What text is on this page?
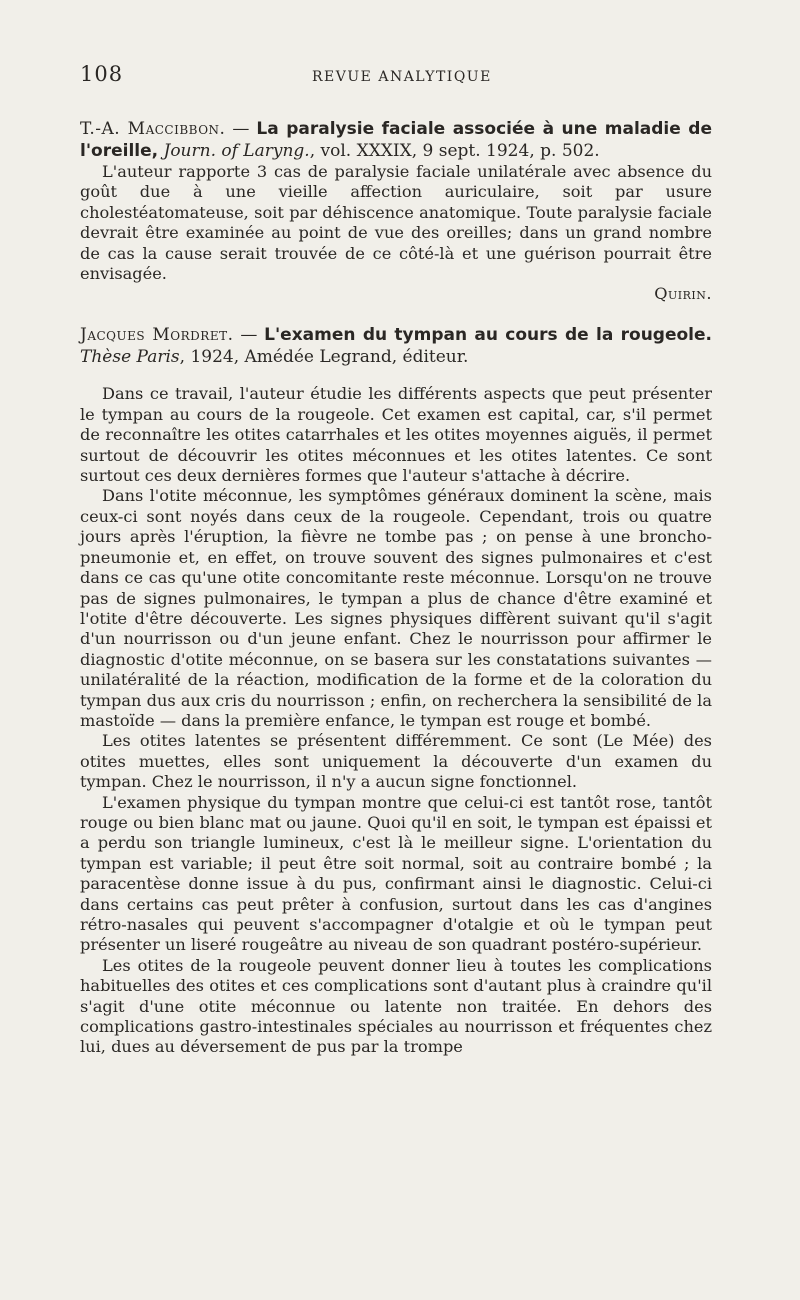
108	REVUE ANALYTIQUE

T.-A. Maccibbon. — La paralysie faciale associée à une maladie de l'oreille, Journ. of Laryng., vol. XXXIX, 9 sept. 1924, p. 502.

L'auteur rapporte 3 cas de paralysie faciale unilatérale avec absence du goût due à une vieille affection auriculaire, soit par usure cholestéatomateuse, soit par déhiscence anatomique. Toute paralysie faciale devrait être examinée au point de vue des oreilles; dans un grand nombre de cas la cause serait trouvée de ce côté-là et une guérison pourrait être envisagée.

Quirin.

Jacques Mordret. — L'examen du tympan au cours de la rougeole. Thèse Paris, 1924, Amédée Legrand, éditeur.

Dans ce travail, l'auteur étudie les différents aspects que peut présenter le tympan au cours de la rougeole. Cet examen est capital, car, s'il permet de reconnaître les otites catarrhales et les otites moyennes aiguës, il permet surtout de découvrir les otites méconnues et les otites latentes. Ce sont surtout ces deux dernières formes que l'auteur s'attache à décrire.

Dans l'otite méconnue, les symptômes généraux dominent la scène, mais ceux-ci sont noyés dans ceux de la rougeole. Cependant, trois ou quatre jours après l'éruption, la fièvre ne tombe pas ; on pense à une broncho-pneumonie et, en effet, on trouve souvent des signes pulmonaires et c'est dans ce cas qu'une otite concomitante reste méconnue. Lorsqu'on ne trouve pas de signes pulmonaires, le tympan a plus de chance d'être examiné et l'otite d'être découverte. Les signes physiques diffèrent suivant qu'il s'agit d'un nourrisson ou d'un jeune enfant. Chez le nourrisson pour affirmer le diagnostic d'otite méconnue, on se basera sur les constatations suivantes — unilatéralité de la réaction, modification de la forme et de la coloration du tympan dus aux cris du nourrisson ; enfin, on recherchera la sensibilité de la mastoïde — dans la première enfance, le tympan est rouge et bombé.

Les otites latentes se présentent différemment. Ce sont (Le Mée) des otites muettes, elles sont uniquement la découverte d'un examen du tympan. Chez le nourrisson, il n'y a aucun signe fonctionnel.

L'examen physique du tympan montre que celui-ci est tantôt rose, tantôt rouge ou bien blanc mat ou jaune. Quoi qu'il en soit, le tympan est épaissi et a perdu son triangle lumineux, c'est là le meilleur signe. L'orientation du tympan est variable; il peut être soit normal, soit au contraire bombé ; la paracentèse donne issue à du pus, confirmant ainsi le diagnostic. Celui-ci dans certains cas peut prêter à confusion, surtout dans les cas d'angines rétro-nasales qui peuvent s'accompagner d'otalgie et où le tympan peut présenter un liseré rougeâtre au niveau de son quadrant postéro-supérieur.

Les otites de la rougeole peuvent donner lieu à toutes les complications habituelles des otites et ces complications sont d'autant plus à craindre qu'il s'agit d'une otite méconnue ou latente non traitée. En dehors des complications gastro-intestinales spéciales au nourrisson et fréquentes chez lui, dues au déversement de pus par la trompe
